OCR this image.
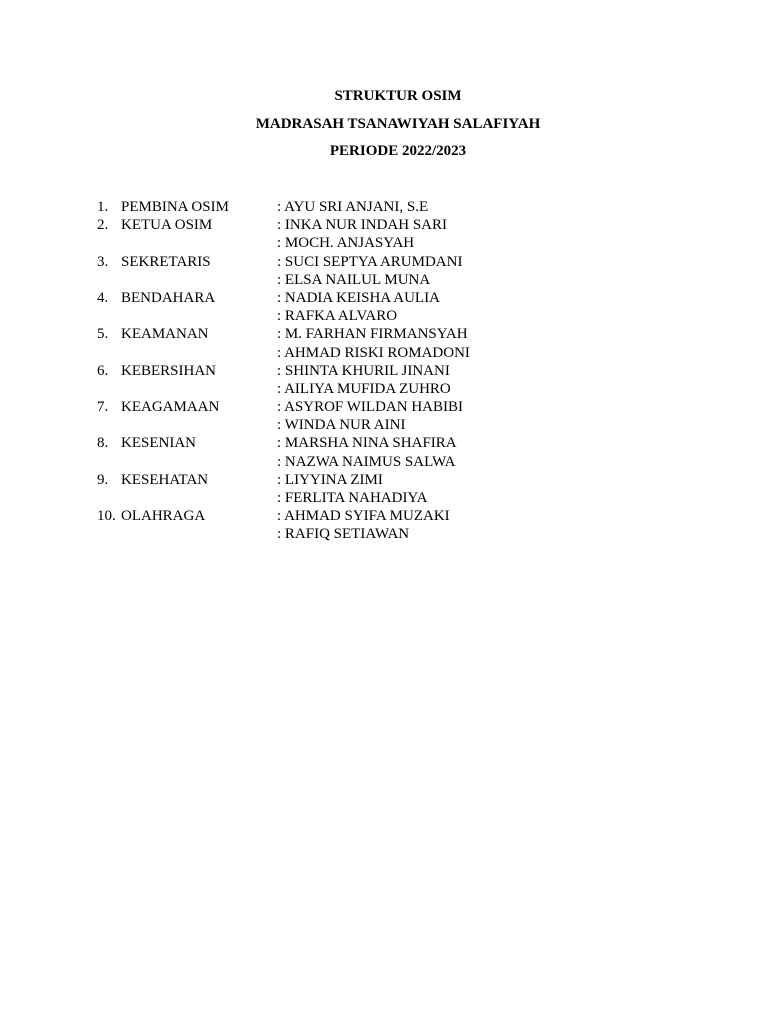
STRUKTUR OSIM
MADRASAH TSANAWIYAH SALAFIYAH
PERIODE 2022/2023
1. PEMBINA OSIM	: AYU SRI ANJANI, S.E
2. KETUA OSIM	: INKA NUR INDAH SARI
: MOCH. ANJASYAH
3. SEKRETARIS	: SUCI SEPTYA ARUMDANI
: ELSA NAILUL MUNA
4. BENDAHARA	: NADIA KEISHA AULIA
: RAFKA ALVARO
5. KEAMANAN	: M. FARHAN FIRMANSYAH
: AHMAD RISKI ROMADONI
6. KEBERSIHAN	: SHINTA KHURIL JINANI
: AILIYA MUFIDA ZUHRO
7. KEAGAMAAN	: ASYROF WILDAN HABIBI
: WINDA NUR AINI
8. KESENIAN	: MARSHA NINA SHAFIRA
: NAZWA NAIMUS SALWA
9. KESEHATAN	: LIYYINA ZIMI
: FERLITA NAHADIYA
10. OLAHRAGA	: AHMAD SYIFA MUZAKI
: RAFIQ SETIAWAN
